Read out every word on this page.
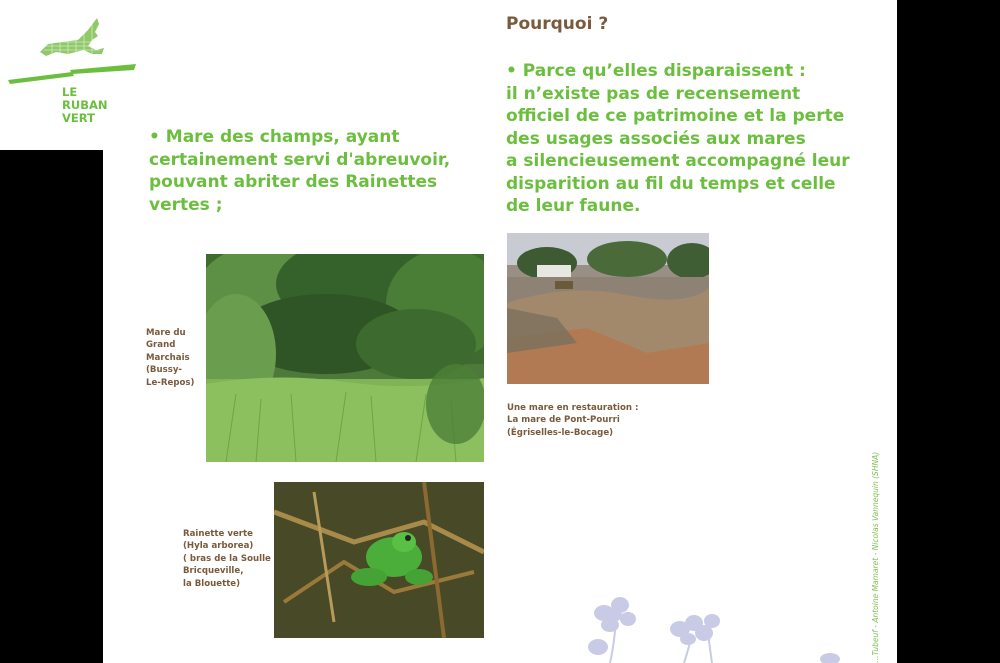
LE
RUBAN
VERT
• Mare des champs, ayant
certainement servi d'abreuvoir,
pouvant abriter des Rainettes
vertes ;
Pourquoi ?
• Parce qu’elles disparaissent :
il n’existe pas de recensement
officiel de ce patrimoine et la perte
des usages associés aux mares
a silencieusement accompagné leur
disparition au fil du temps et celle
de leur faune.
Mare du
Grand
Marchais
(Bussy-
Le-Repos)
Rainette verte
(Hyla arborea)
( bras de la Soulle
Bricqueville,
la Blouette)
Une mare en restauration :
La mare de Pont-Pourri
(Égriselles-le-Bocage)
…Tubeuf - Antoine Mamaret - Nicolas Vannequin (SHNA)
